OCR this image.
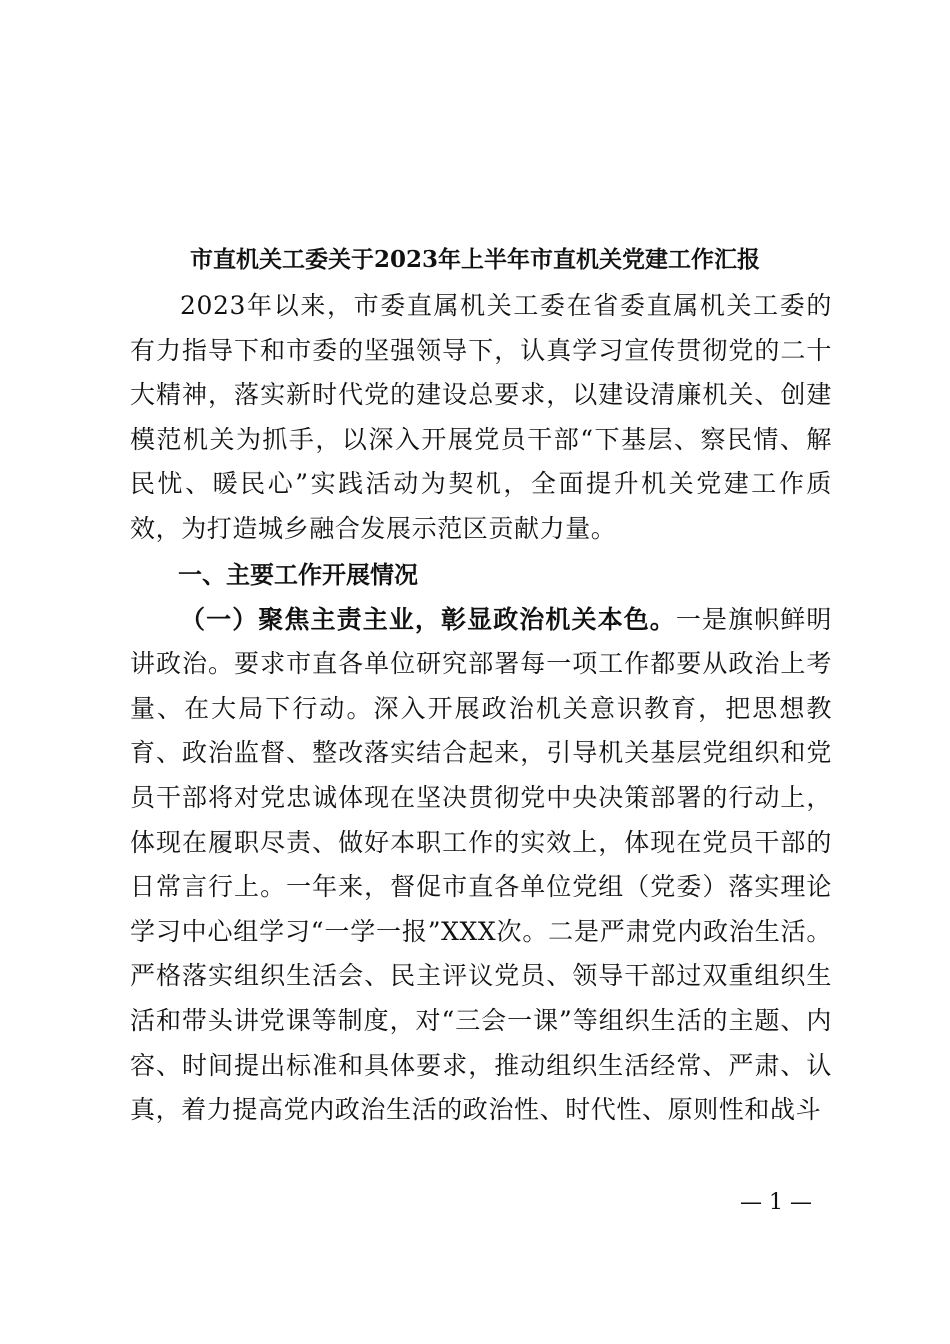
市直机关工委关于2023年上半年市直机关党建工作汇报

2023年以来，市委直属机关工委在省委直属机关工委的有力指导下和市委的坚强领导下，认真学习宣传贯彻党的二十大精神，落实新时代党的建设总要求，以建设清廉机关、创建模范机关为抓手，以深入开展党员干部“下基层、察民情、解民忧、暖民心”实践活动为契机，全面提升机关党建工作质效，为打造城乡融合发展示范区贡献力量。

一、主要工作开展情况

（一）聚焦主责主业，彰显政治机关本色。一是旗帜鲜明讲政治。要求市直各单位研究部署每一项工作都要从政治上考量、在大局下行动。深入开展政治机关意识教育，把思想教育、政治监督、整改落实结合起来，引导机关基层党组织和党员干部将对党忠诚体现在坚决贯彻党中央决策部署的行动上，体现在履职尽责、做好本职工作的实效上，体现在党员干部的日常言行上。一年来，督促市直各单位党组（党委）落实理论学习中心组学习“一学一报”XXX次。二是严肃党内政治生活。严格落实组织生活会、民主评议党员、领导干部过双重组织生活和带头讲党课等制度，对“三会一课”等组织生活的主题、内容、时间提出标准和具体要求，推动组织生活经常、严肃、认真，着力提高党内政治生活的政治性、时代性、原则性和战斗

— 1 —
